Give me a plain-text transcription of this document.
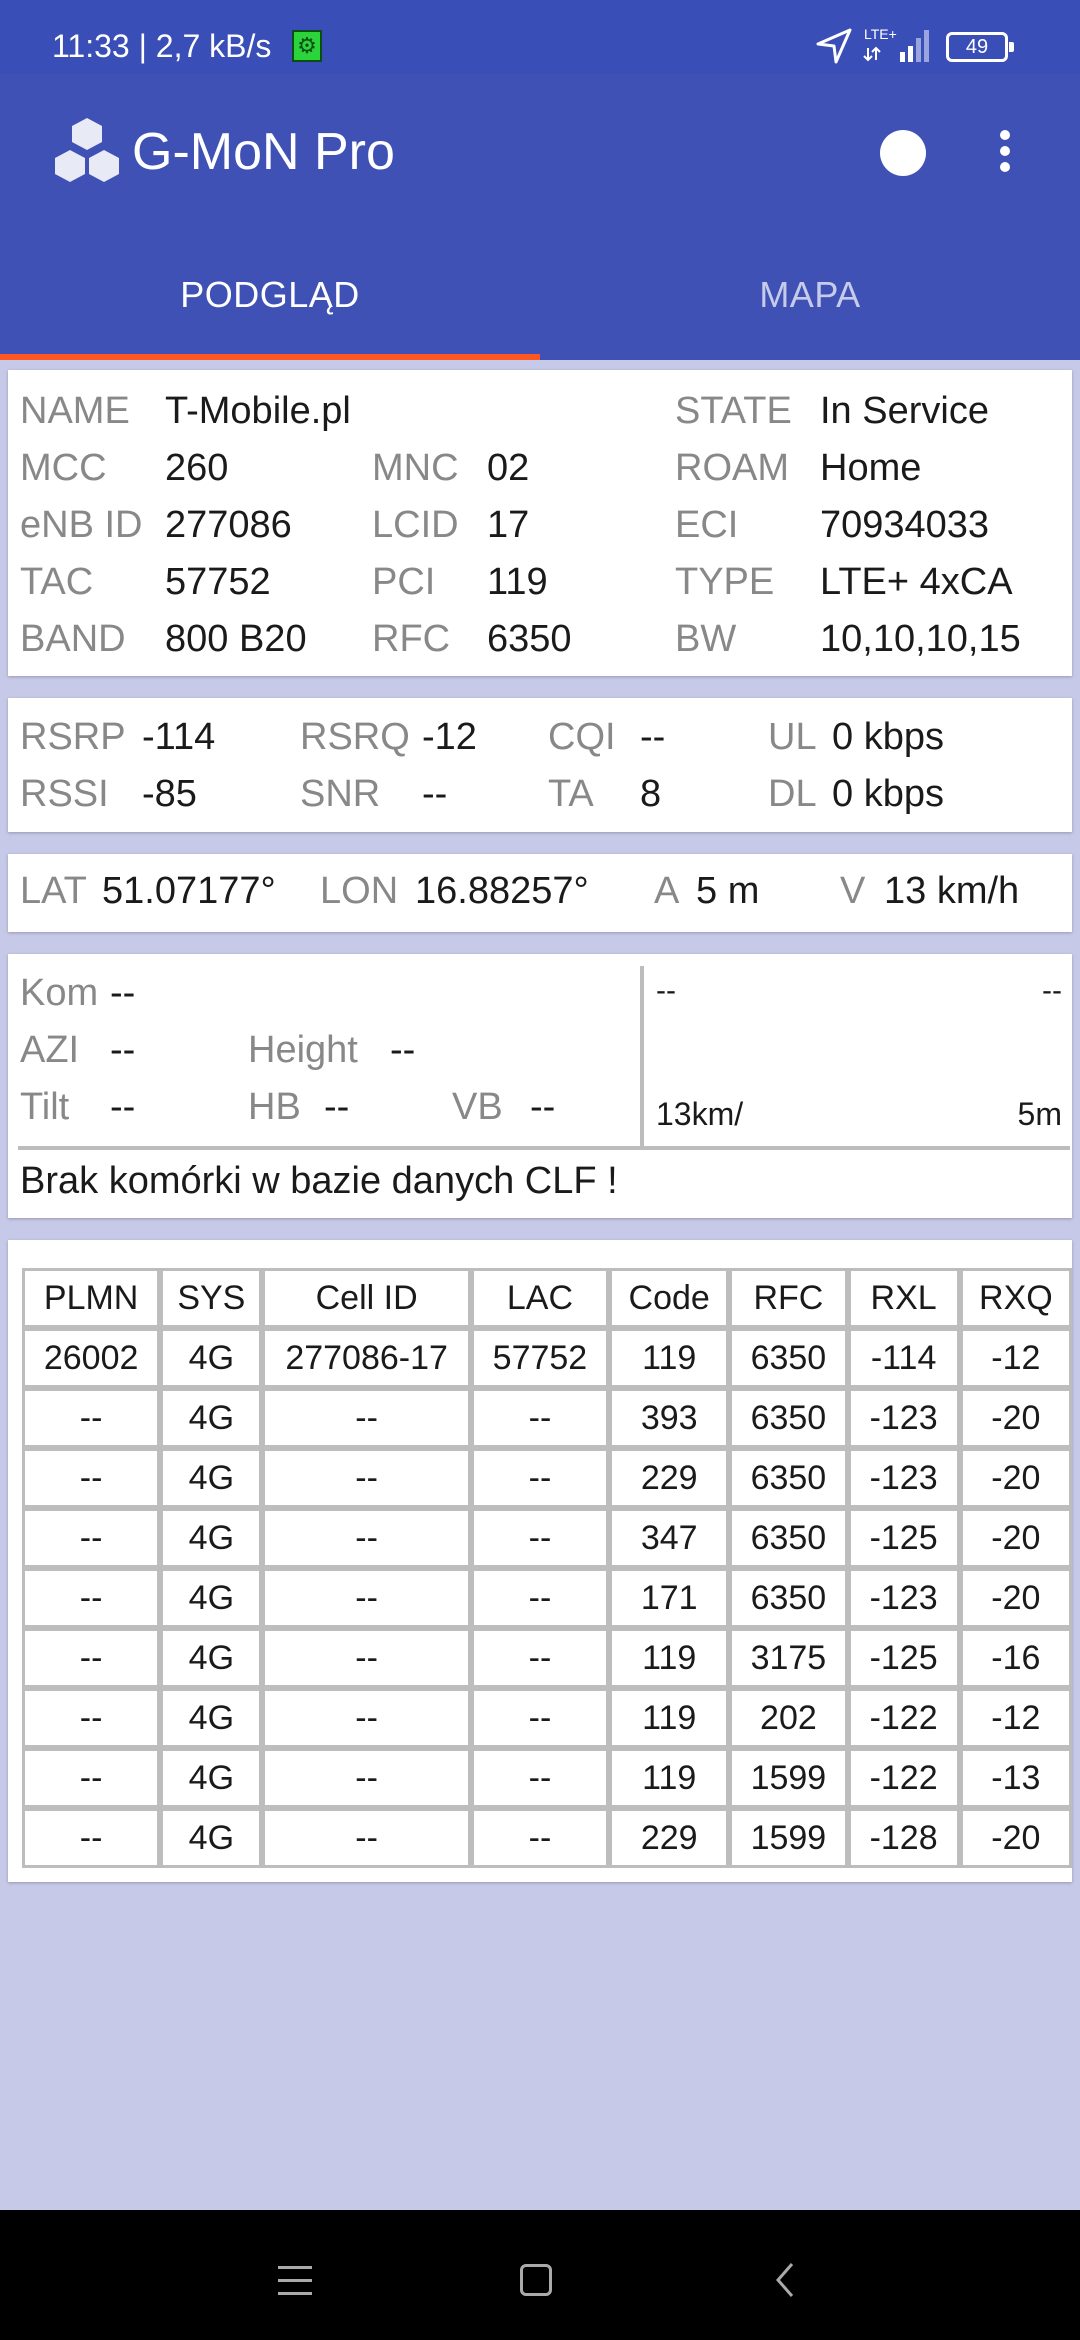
11:33 | 2,7 kB/s ⚙	LTE+
49
G-MoN Pro
PODGLĄD	MAPA
NAME T-Mobile.pl	STATE In Service
MCC 260	MNC 02	ROAM Home
eNB ID 277086 LCID 17	ECI 70934033
TAC 57752	PCI 119	TYPE LTE+ 4xCA
BAND 800 B20 RFC 6350	BW 10,10,10,15
RSRP -114 RSRQ -12 CQI --	UL 0 kbps
RSSI -85	SNR --	TA 8	DL 0 kbps
LAT 51.07177° LON 16.88257° A 5 m V 13 km/h
Kom --
AZI --	Height --
Tilt --	HB --	VB --
--	--
13km/	5m
Brak komórki w bazie danych CLF !
PLMN	SYS	Cell ID	LAC	Code	RFC	RXL	RXQ
26002	4G	277086-17	57752	119	6350	-114	-12
--	4G	--	--	393	6350	-123	-20
--	4G	--	--	229	6350	-123	-20
--	4G	--	--	347	6350	-125	-20
--	4G	--	--	171	6350	-123	-20
--	4G	--	--	119	3175	-125	-16
--	4G	--	--	119	202	-122	-12
--	4G	--	--	119	1599	-122	-13
--	4G	--	--	229	1599	-128	-20
